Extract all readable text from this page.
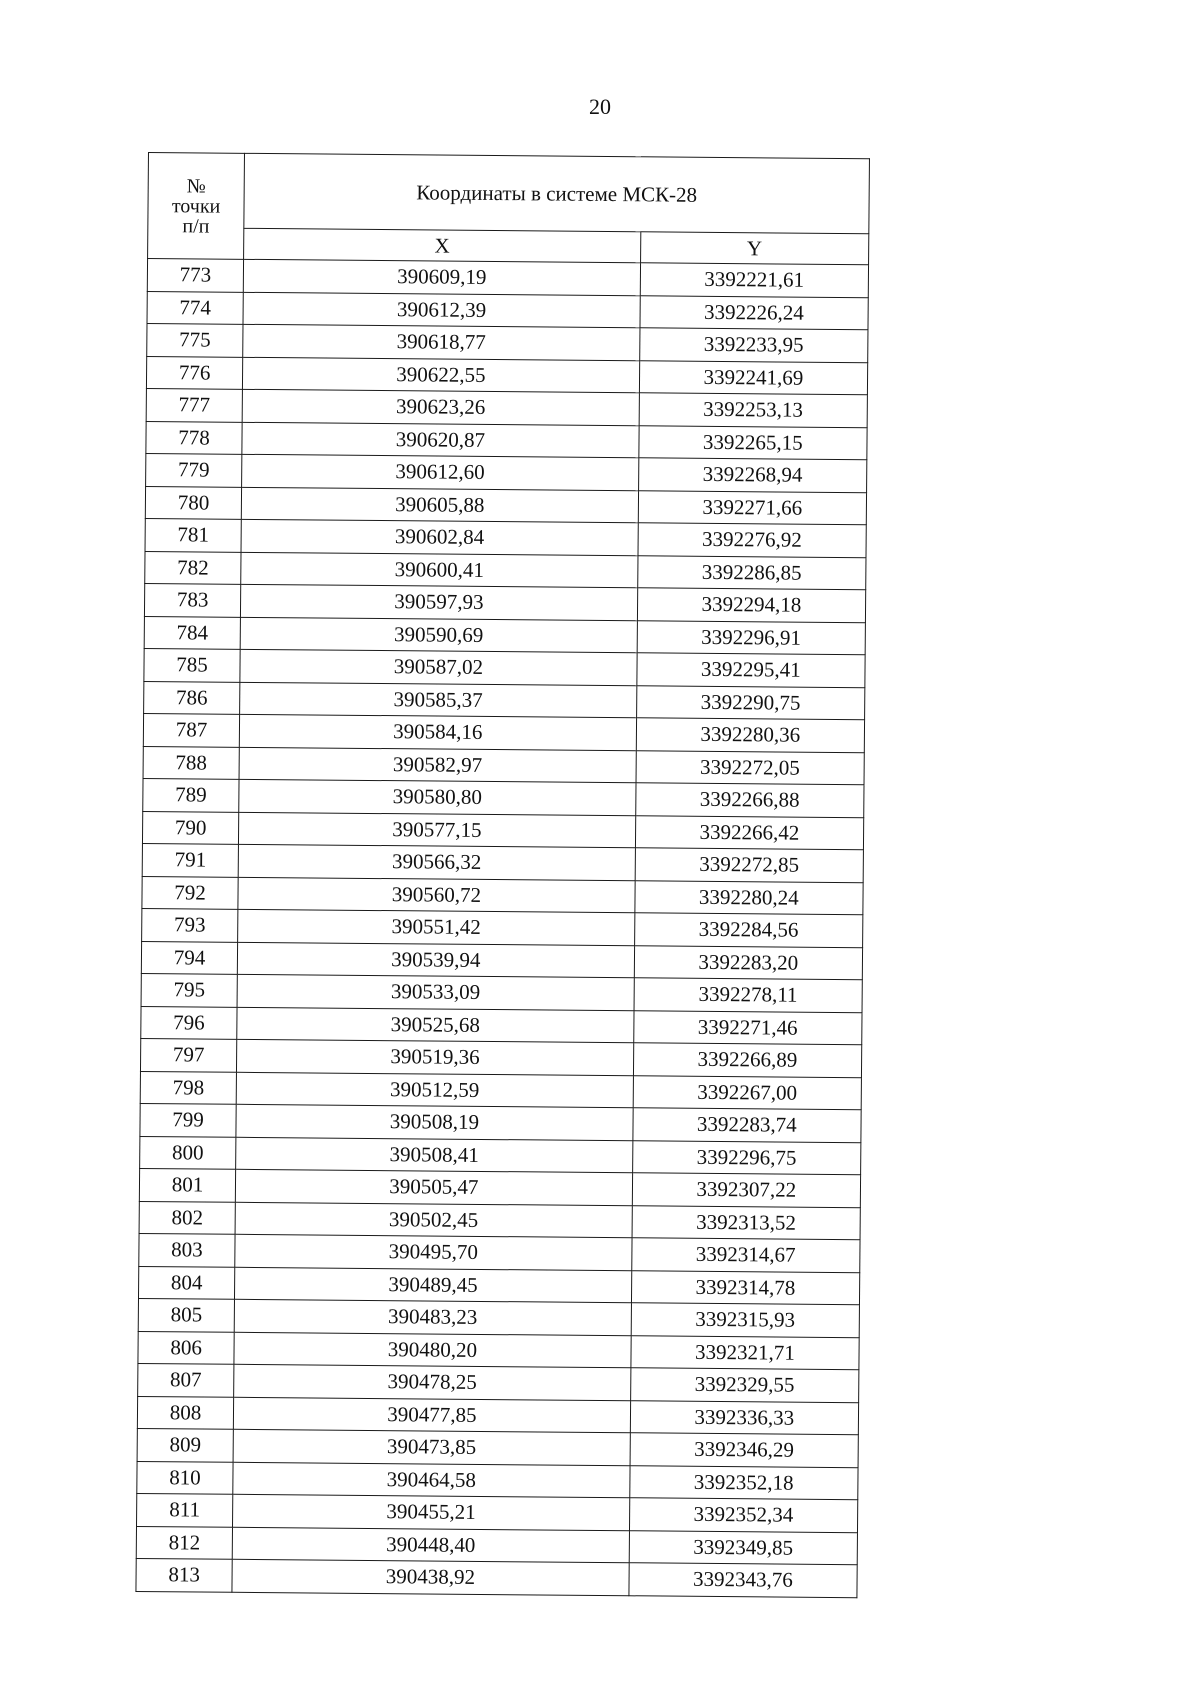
20
№
точки
п/п	Координаты в системе МСК-28	
	X	Y
773	390609,19	3392221,61
774	390612,39	3392226,24
775	390618,77	3392233,95
776	390622,55	3392241,69
777	390623,26	3392253,13
778	390620,87	3392265,15
779	390612,60	3392268,94
780	390605,88	3392271,66
781	390602,84	3392276,92
782	390600,41	3392286,85
783	390597,93	3392294,18
784	390590,69	3392296,91
785	390587,02	3392295,41
786	390585,37	3392290,75
787	390584,16	3392280,36
788	390582,97	3392272,05
789	390580,80	3392266,88
790	390577,15	3392266,42
791	390566,32	3392272,85
792	390560,72	3392280,24
793	390551,42	3392284,56
794	390539,94	3392283,20
795	390533,09	3392278,11
796	390525,68	3392271,46
797	390519,36	3392266,89
798	390512,59	3392267,00
799	390508,19	3392283,74
800	390508,41	3392296,75
801	390505,47	3392307,22
802	390502,45	3392313,52
803	390495,70	3392314,67
804	390489,45	3392314,78
805	390483,23	3392315,93
806	390480,20	3392321,71
807	390478,25	3392329,55
808	390477,85	3392336,33
809	390473,85	3392346,29
810	390464,58	3392352,18
811	390455,21	3392352,34
812	390448,40	3392349,85
813	390438,92	3392343,76
